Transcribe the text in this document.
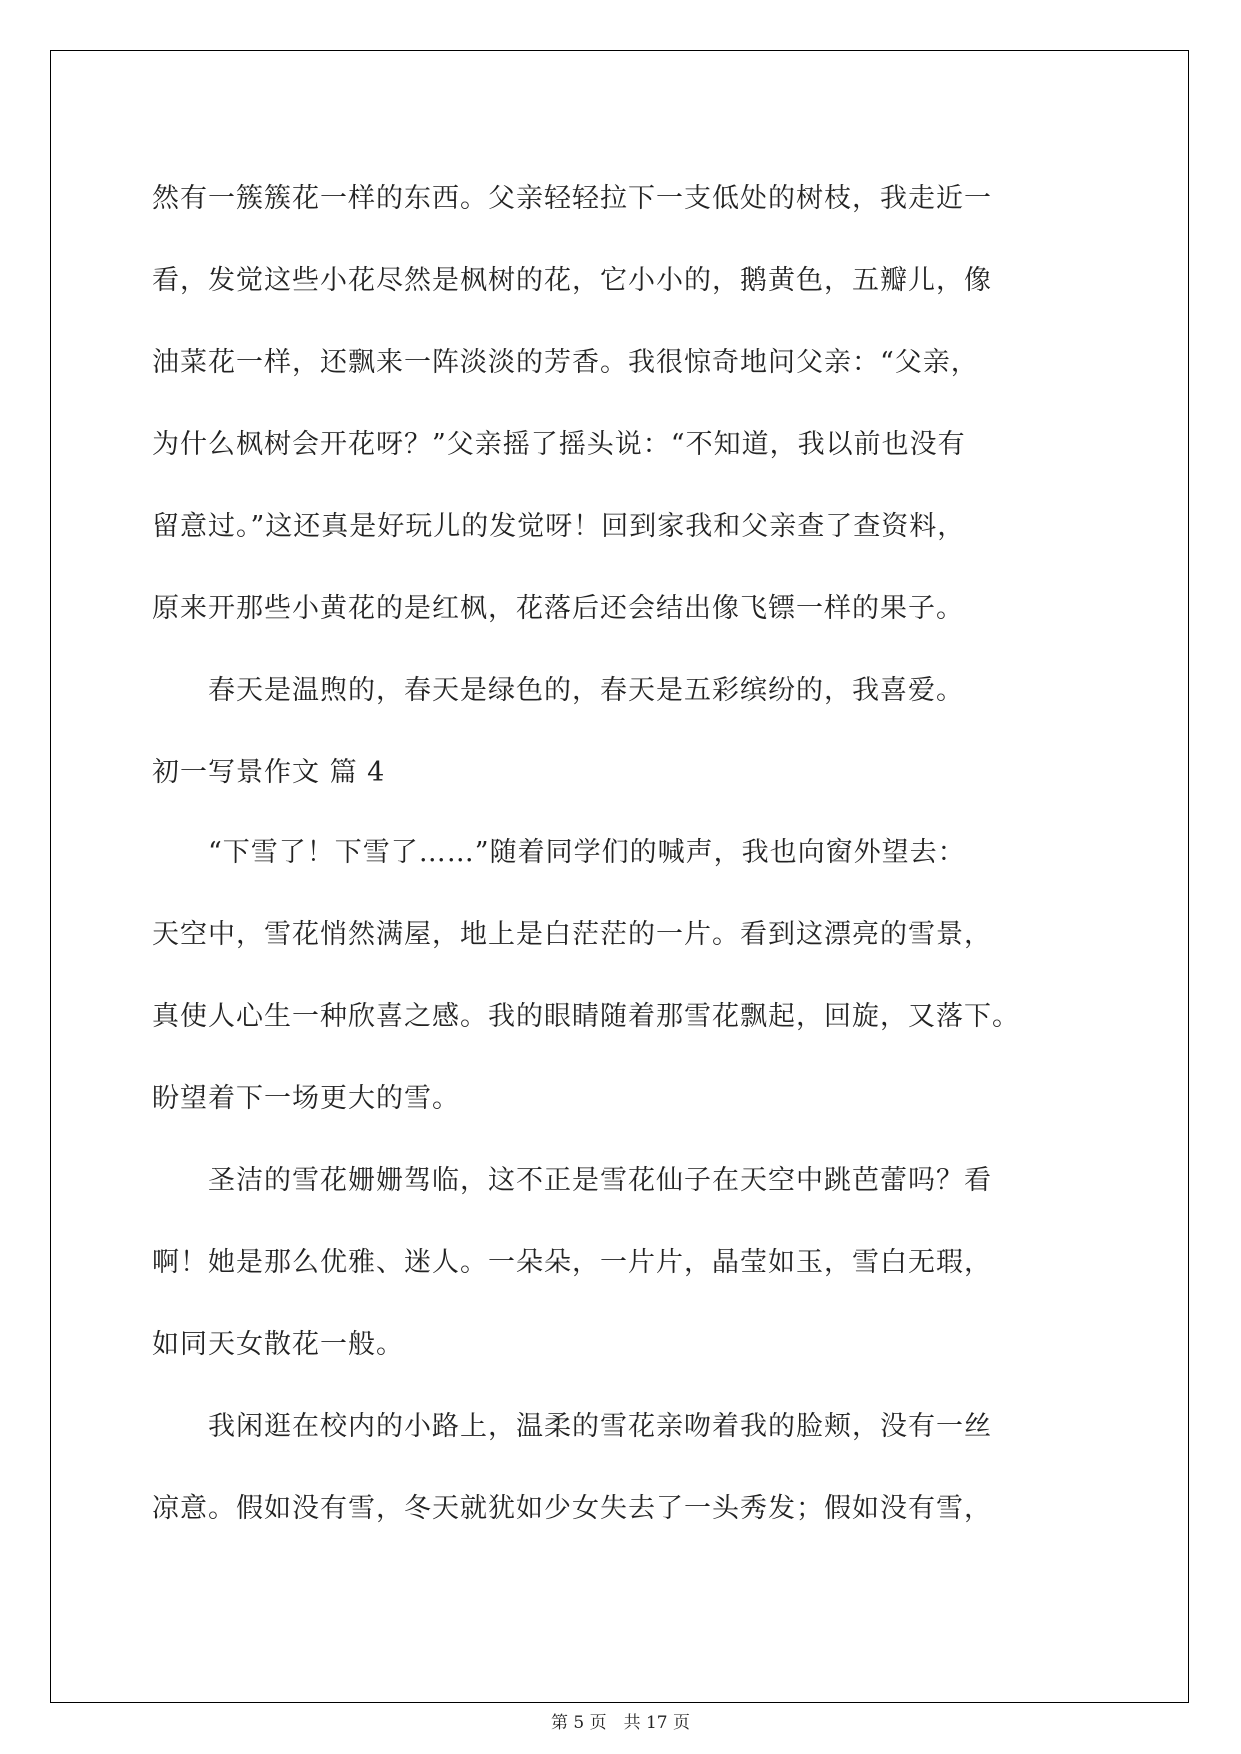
然有一簇簇花一样的东西。父亲轻轻拉下一支低处的树枝，我走近一
看，发觉这些小花尽然是枫树的花，它小小的，鹅黄色，五瓣儿，像
油菜花一样，还飘来一阵淡淡的芳香。我很惊奇地问父亲：“父亲，
为什么枫树会开花呀？”父亲摇了摇头说：“不知道，我以前也没有
留意过。”这还真是好玩儿的发觉呀！回到家我和父亲查了查资料，
原来开那些小黄花的是红枫，花落后还会结出像飞镖一样的果子。
　　春天是温煦的，春天是绿色的，春天是五彩缤纷的，我喜爱。
初一写景作文 篇 4
　　“下雪了！下雪了……”随着同学们的喊声，我也向窗外望去：
天空中，雪花悄然满屋，地上是白茫茫的一片。看到这漂亮的雪景，
真使人心生一种欣喜之感。我的眼睛随着那雪花飘起，回旋，又落下。
盼望着下一场更大的雪。
　　圣洁的雪花姗姗驾临，这不正是雪花仙子在天空中跳芭蕾吗？看
啊！她是那么优雅、迷人。一朵朵，一片片，晶莹如玉，雪白无瑕，
如同天女散花一般。
　　我闲逛在校内的小路上，温柔的雪花亲吻着我的脸颊，没有一丝
凉意。假如没有雪，冬天就犹如少女失去了一头秀发；假如没有雪，
第 5 页　共 17 页
